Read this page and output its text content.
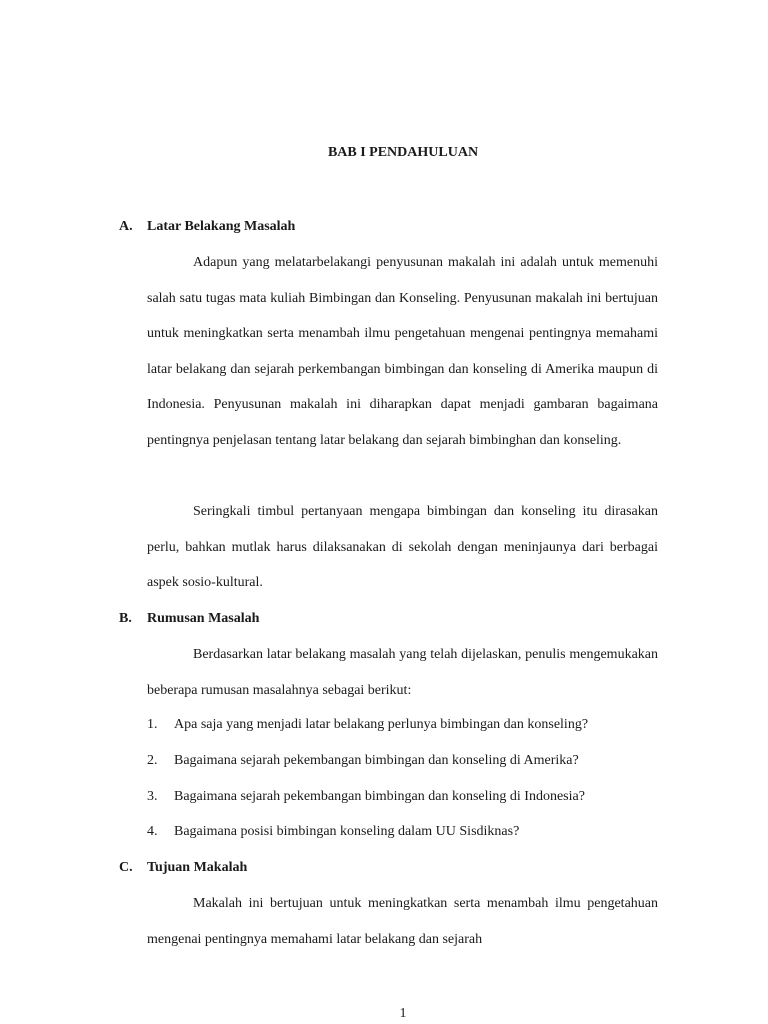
BAB I PENDAHULUAN
A. Latar Belakang Masalah
Adapun yang melatarbelakangi penyusunan makalah ini adalah untuk memenuhi salah satu tugas mata kuliah Bimbingan dan Konseling. Penyusunan makalah ini bertujuan untuk meningkatkan serta menambah ilmu pengetahuan mengenai pentingnya memahami latar belakang dan sejarah perkembangan bimbingan dan konseling di Amerika maupun di Indonesia. Penyusunan makalah ini diharapkan dapat menjadi gambaran bagaimana pentingnya penjelasan tentang latar belakang dan sejarah bimbinghan dan konseling.
Seringkali timbul pertanyaan mengapa bimbingan dan konseling itu dirasakan perlu, bahkan mutlak harus dilaksanakan di sekolah dengan meninjaunya dari berbagai aspek sosio-kultural.
B. Rumusan Masalah
Berdasarkan latar belakang masalah yang telah dijelaskan, penulis mengemukakan beberapa rumusan masalahnya sebagai berikut:
1. Apa saja yang menjadi latar belakang perlunya bimbingan dan konseling?
2. Bagaimana sejarah pekembangan bimbingan dan konseling di Amerika?
3. Bagaimana sejarah pekembangan bimbingan dan konseling di Indonesia?
4. Bagaimana posisi bimbingan konseling dalam UU Sisdiknas?
C. Tujuan Makalah
Makalah ini bertujuan untuk meningkatkan serta menambah ilmu pengetahuan mengenai pentingnya memahami latar belakang dan sejarah
1
